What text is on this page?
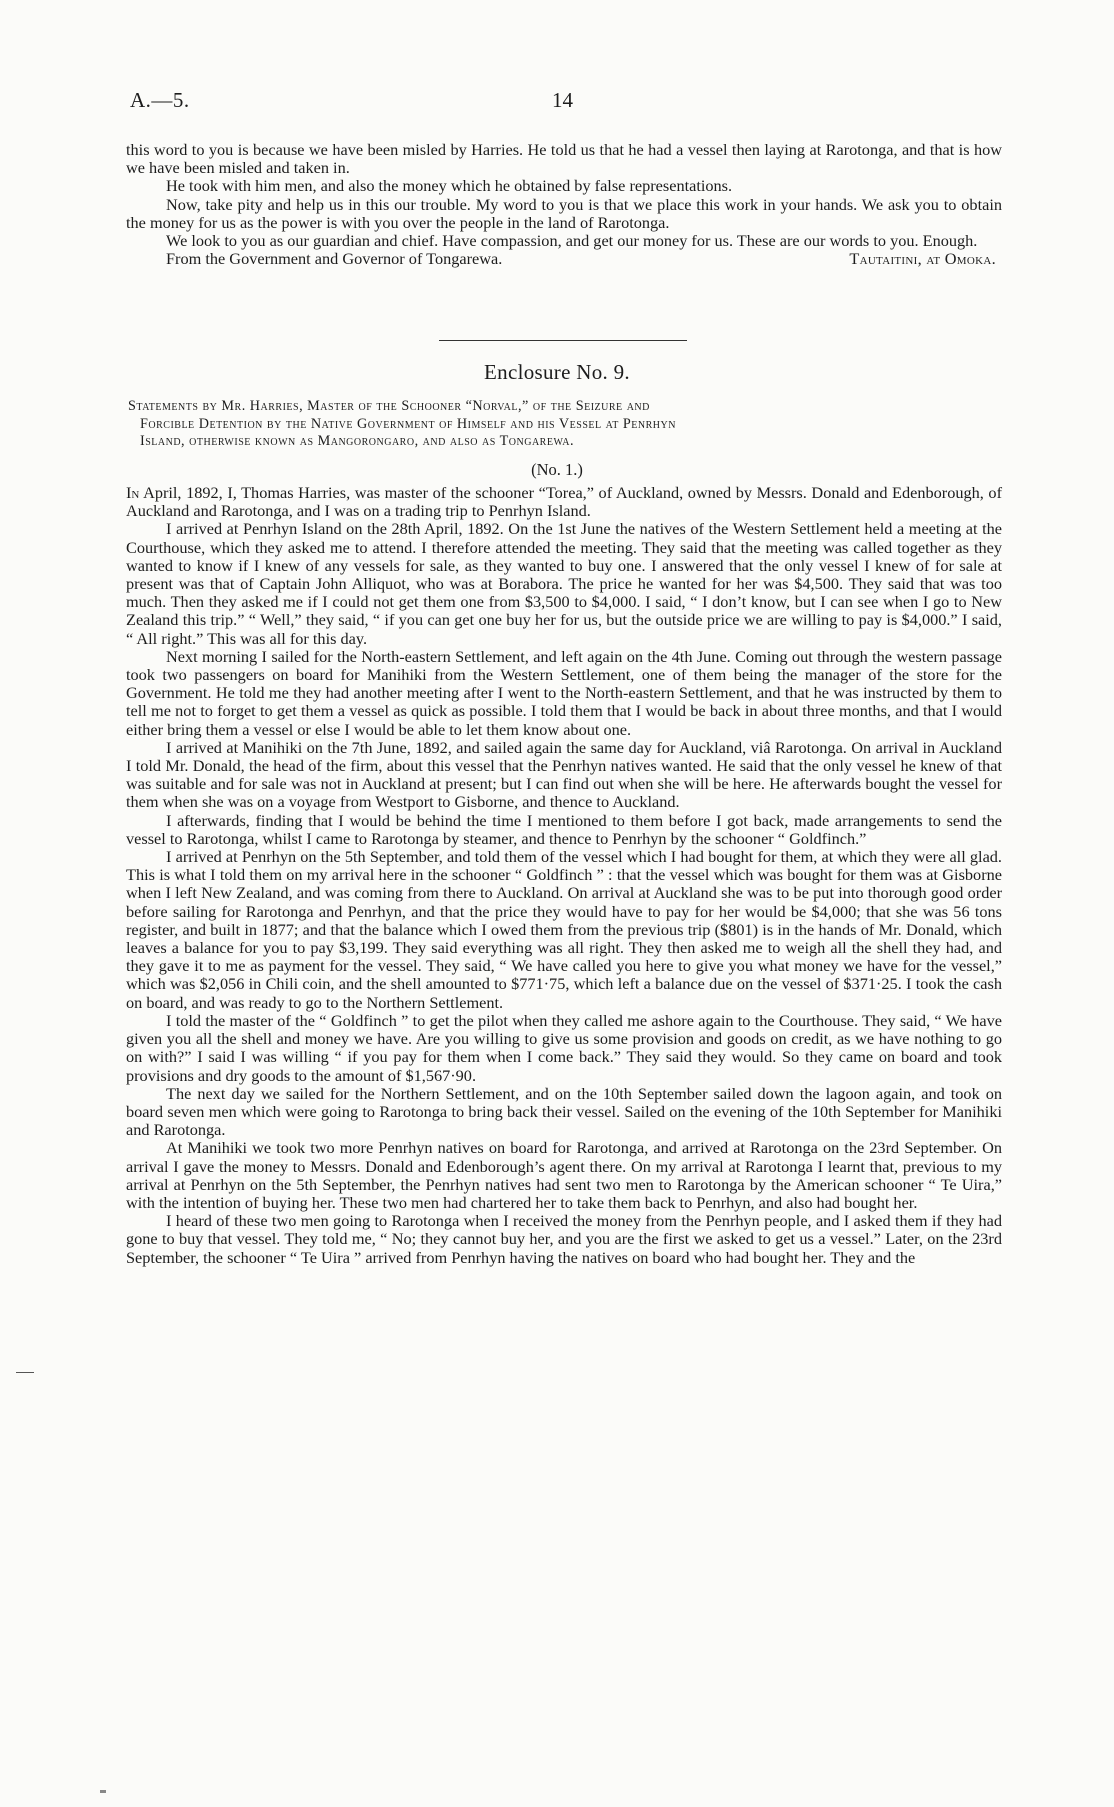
A.—5.	14

this word to you is because we have been misled by Harries. He told us that he had a vessel then laying at Rarotonga, and that is how we have been misled and taken in.

He took with him men, and also the money which he obtained by false representations.

Now, take pity and help us in this our trouble. My word to you is that we place this work in your hands. We ask you to obtain the money for us as the power is with you over the people in the land of Rarotonga.

We look to you as our guardian and chief. Have compassion, and get our money for us. These are our words to you. Enough.

From the Government and Governor of Tongarewa.	Tautaitini, at Omoka.
Enclosure No. 9.
Statements by Mr. Harries, Master of the Schooner “Norval,” of the Seizure and
Forcible Detention by the Native Government of Himself and his Vessel at Penrhyn
Island, otherwise known as Mangorongaro, and also as Tongarewa.
(No. 1.)

In April, 1892, I, Thomas Harries, was master of the schooner “Torea,” of Auckland, owned by Messrs. Donald and Edenborough, of Auckland and Rarotonga, and I was on a trading trip to Penrhyn Island.

I arrived at Penrhyn Island on the 28th April, 1892. On the 1st June the natives of the Western Settlement held a meeting at the Courthouse, which they asked me to attend. I therefore attended the meeting. They said that the meeting was called together as they wanted to know if I knew of any vessels for sale, as they wanted to buy one. I answered that the only vessel I knew of for sale at present was that of Captain John Alliquot, who was at Borabora. The price he wanted for her was $4,500. They said that was too much. Then they asked me if I could not get them one from $3,500 to $4,000. I said, “ I don’t know, but I can see when I go to New Zealand this trip.” “ Well,” they said, “ if you can get one buy her for us, but the outside price we are willing to pay is $4,000.” I said, “ All right.” This was all for this day.

Next morning I sailed for the North-eastern Settlement, and left again on the 4th June. Coming out through the western passage took two passengers on board for Manihiki from the Western Settlement, one of them being the manager of the store for the Government. He told me they had another meeting after I went to the North-eastern Settlement, and that he was instructed by them to tell me not to forget to get them a vessel as quick as possible. I told them that I would be back in about three months, and that I would either bring them a vessel or else I would be able to let them know about one.

I arrived at Manihiki on the 7th June, 1892, and sailed again the same day for Auckland, viâ Rarotonga. On arrival in Auckland I told Mr. Donald, the head of the firm, about this vessel that the Penrhyn natives wanted. He said that the only vessel he knew of that was suitable and for sale was not in Auckland at present; but I can find out when she will be here. He afterwards bought the vessel for them when she was on a voyage from Westport to Gisborne, and thence to Auckland.

I afterwards, finding that I would be behind the time I mentioned to them before I got back, made arrangements to send the vessel to Rarotonga, whilst I came to Rarotonga by steamer, and thence to Penrhyn by the schooner “ Goldfinch.”

I arrived at Penrhyn on the 5th September, and told them of the vessel which I had bought for them, at which they were all glad. This is what I told them on my arrival here in the schooner “ Goldfinch ” : that the vessel which was bought for them was at Gisborne when I left New Zealand, and was coming from there to Auckland. On arrival at Auckland she was to be put into thorough good order before sailing for Rarotonga and Penrhyn, and that the price they would have to pay for her would be $4,000; that she was 56 tons register, and built in 1877; and that the balance which I owed them from the previous trip ($801) is in the hands of Mr. Donald, which leaves a balance for you to pay $3,199. They said everything was all right. They then asked me to weigh all the shell they had, and they gave it to me as payment for the vessel. They said, “ We have called you here to give you what money we have for the vessel,” which was $2,056 in Chili coin, and the shell amounted to $771·75, which left a balance due on the vessel of $371·25. I took the cash on board, and was ready to go to the Northern Settlement.

I told the master of the “ Goldfinch ” to get the pilot when they called me ashore again to the Courthouse. They said, “ We have given you all the shell and money we have. Are you willing to give us some provision and goods on credit, as we have nothing to go on with?” I said I was willing “ if you pay for them when I come back.” They said they would. So they came on board and took provisions and dry goods to the amount of $1,567·90.

The next day we sailed for the Northern Settlement, and on the 10th September sailed down the lagoon again, and took on board seven men which were going to Rarotonga to bring back their vessel. Sailed on the evening of the 10th September for Manihiki and Rarotonga.

At Manihiki we took two more Penrhyn natives on board for Rarotonga, and arrived at Rarotonga on the 23rd September. On arrival I gave the money to Messrs. Donald and Edenborough’s agent there. On my arrival at Rarotonga I learnt that, previous to my arrival at Penrhyn on the 5th September, the Penrhyn natives had sent two men to Rarotonga by the American schooner “ Te Uira,” with the intention of buying her. These two men had chartered her to take them back to Penrhyn, and also had bought her.

I heard of these two men going to Rarotonga when I received the money from the Penrhyn people, and I asked them if they had gone to buy that vessel. They told me, “ No; they cannot buy her, and you are the first we asked to get us a vessel.” Later, on the 23rd September, the schooner “ Te Uira ” arrived from Penrhyn having the natives on board who had bought her. They and the
